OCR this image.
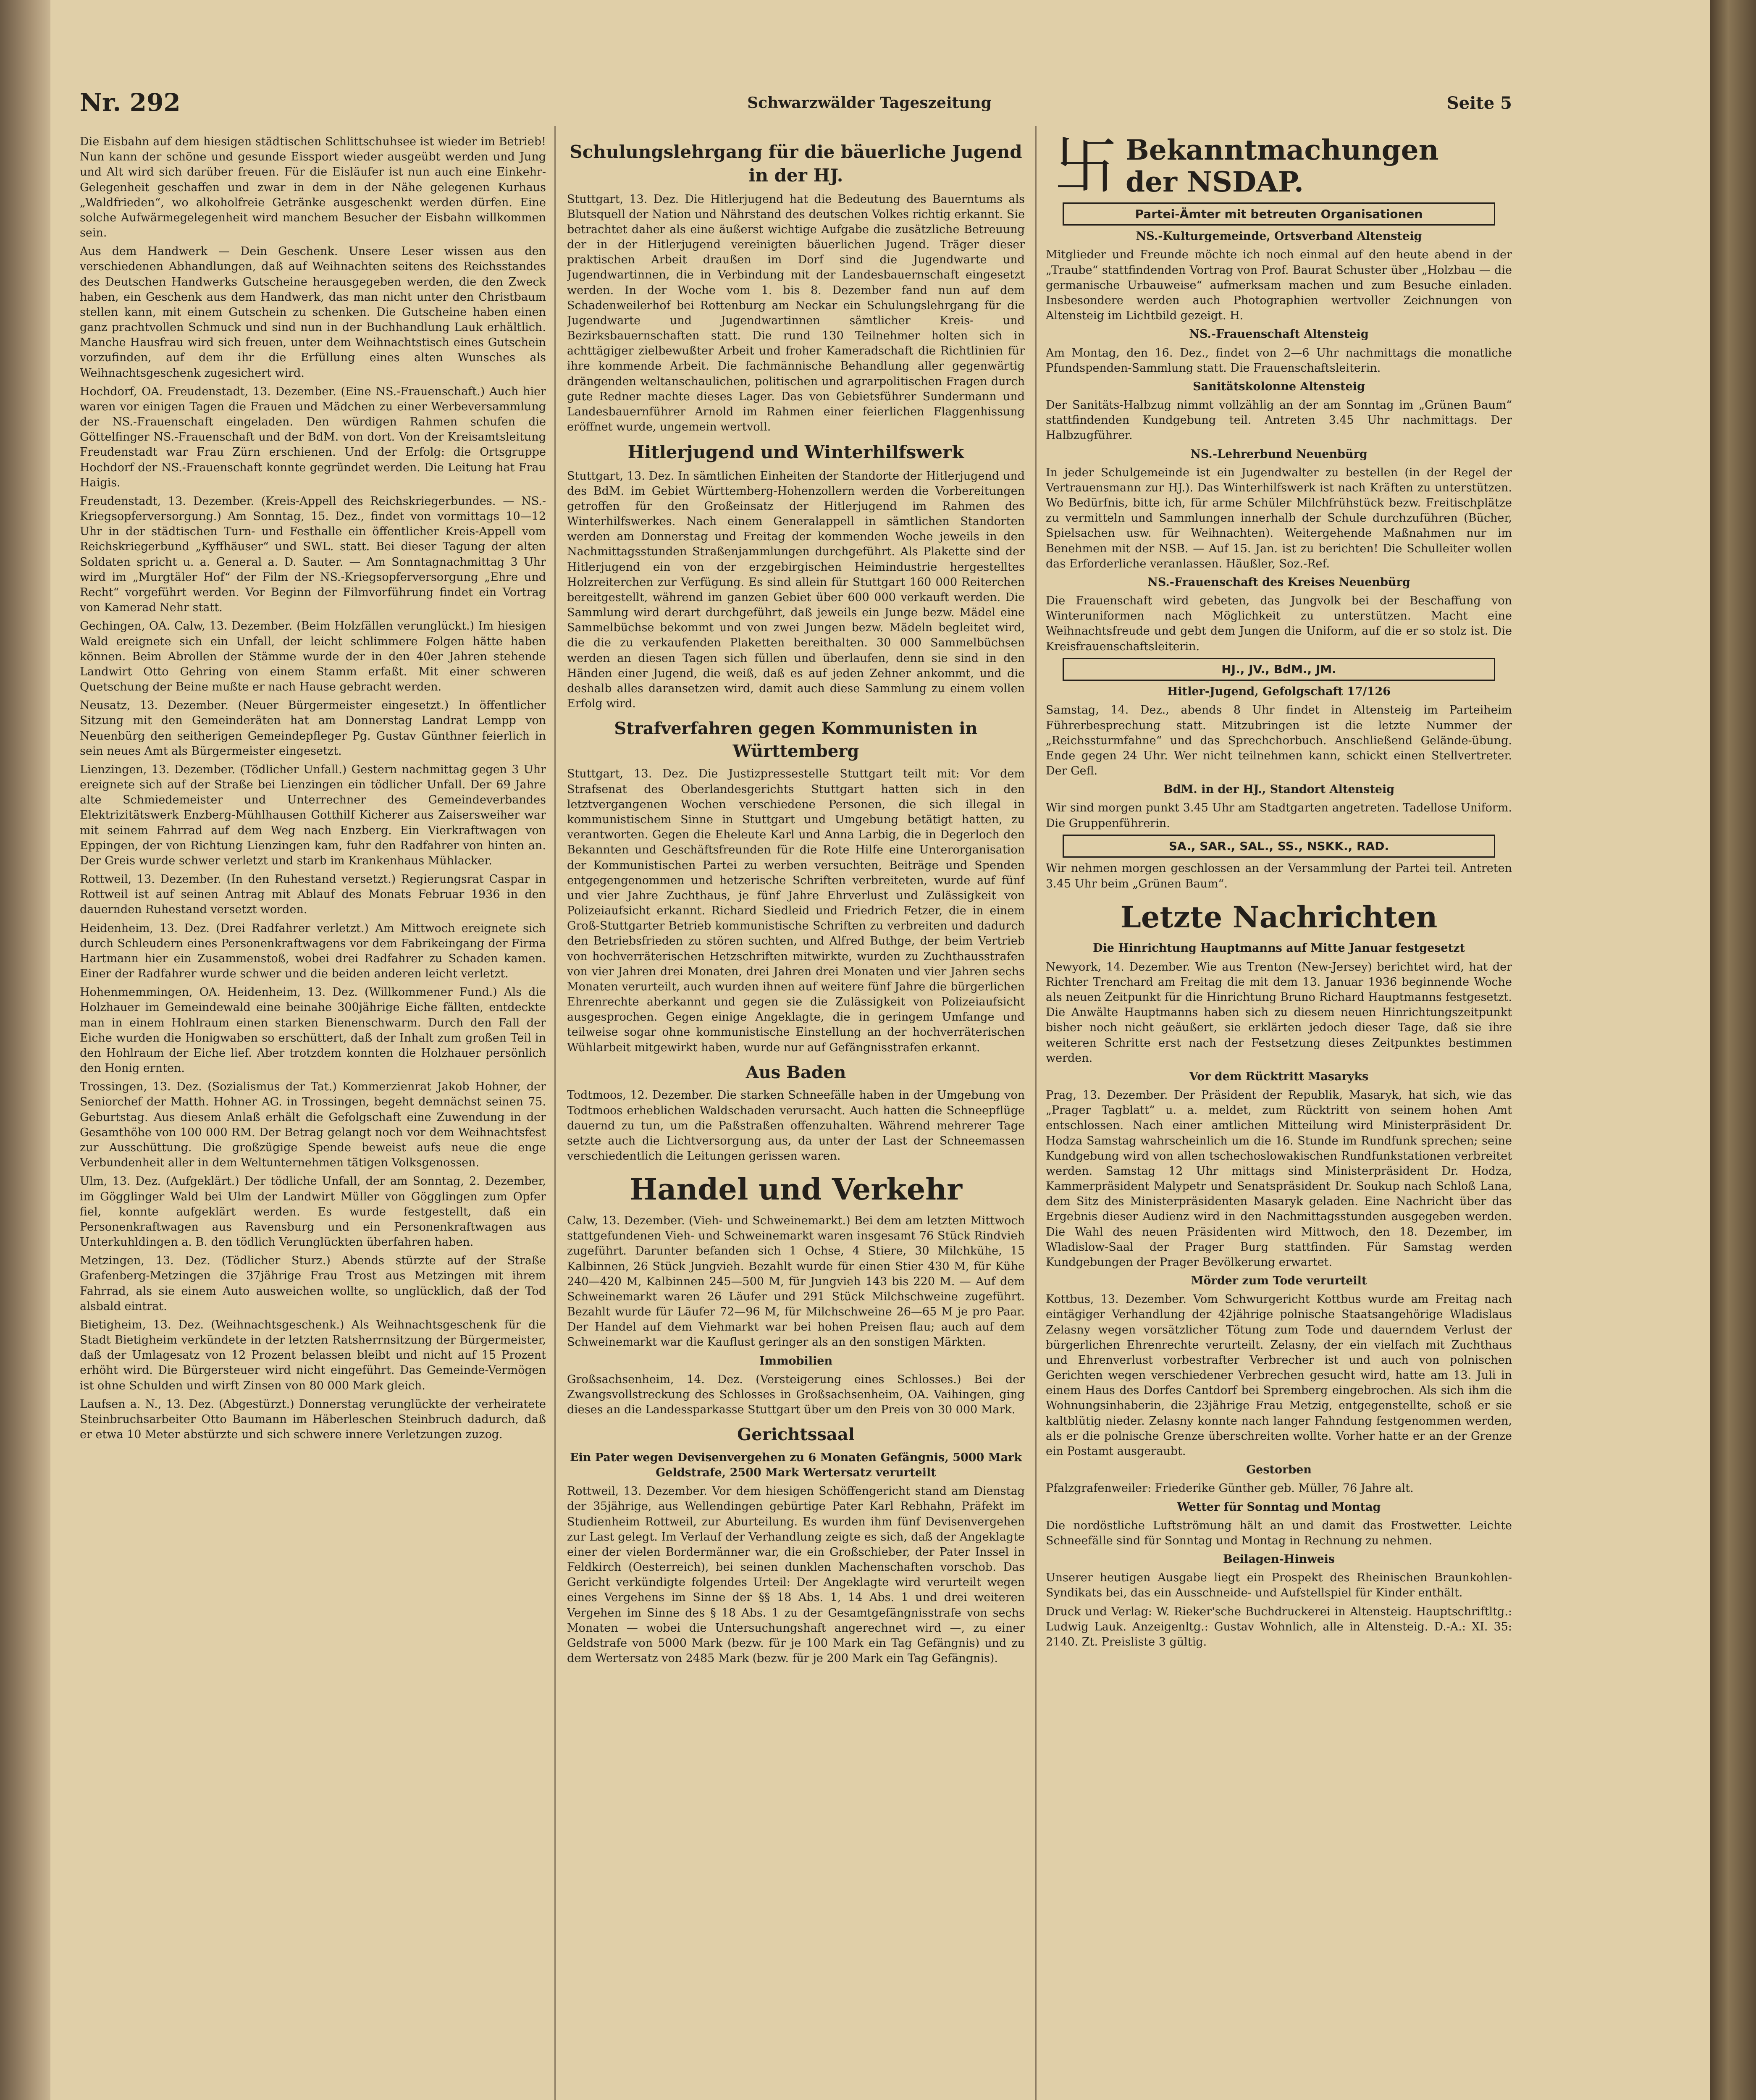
Nr. 292	Schwarzwälder Tageszeitung	Seite 5

Die Eisbahn auf dem hiesigen städtischen Schlittschuhsee ist wieder im Betrieb! Nun kann der schöne und gesunde Eissport wieder ausgeübt werden und Jung und Alt wird sich darüber freuen. Für die Eisläufer ist nun auch eine Einkehr-Gelegenheit geschaffen und zwar in dem in der Nähe gelegenen Kurhaus „Waldfrieden“, wo alkoholfreie Getränke ausgeschenkt werden dürfen. Eine solche Aufwärmegelegenheit wird manchem Besucher der Eisbahn willkommen sein.

Aus dem Handwerk — Dein Geschenk. Unsere Leser wissen aus den verschiedenen Abhandlungen, daß auf Weihnachten seitens des Reichsstandes des Deutschen Handwerks Gutscheine herausgegeben werden, die den Zweck haben, ein Geschenk aus dem Handwerk, das man nicht unter den Christbaum stellen kann, mit einem Gutschein zu schenken. Die Gutscheine haben einen ganz prachtvollen Schmuck und sind nun in der Buchhandlung Lauk erhältlich. Manche Hausfrau wird sich freuen, unter dem Weihnachtstisch eines Gutschein vorzufinden, auf dem ihr die Erfüllung eines alten Wunsches als Weihnachtsgeschenk zugesichert wird.

Hochdorf, OA. Freudenstadt, 13. Dezember. (Eine NS.-Frauenschaft.) Auch hier waren vor einigen Tagen die Frauen und Mädchen zu einer Werbeversammlung der NS.-Frauenschaft eingeladen. Den würdigen Rahmen schufen die Göttelfinger NS.-Frauenschaft und der BdM. von dort. Von der Kreisamtsleitung Freudenstadt war Frau Zürn erschienen. Und der Erfolg: die Ortsgruppe Hochdorf der NS.-Frauenschaft konnte gegründet werden. Die Leitung hat Frau Haigis.

Freudenstadt, 13. Dezember. (Kreis-Appell des Reichskriegerbundes. — NS.-Kriegsopferversorgung.) Am Sonntag, 15. Dez., findet von vormittags 10—12 Uhr in der städtischen Turn- und Festhalle ein öffentlicher Kreis-Appell vom Reichskriegerbund „Kyffhäuser“ und SWL. statt. Bei dieser Tagung der alten Soldaten spricht u. a. General a. D. Sauter. — Am Sonntagnachmittag 3 Uhr wird im „Murgtäler Hof“ der Film der NS.-Kriegsopferversorgung „Ehre und Recht“ vorgeführt werden. Vor Beginn der Filmvorführung findet ein Vortrag von Kamerad Nehr statt.

Gechingen, OA. Calw, 13. Dezember. (Beim Holzfällen verunglückt.) Im hiesigen Wald ereignete sich ein Unfall, der leicht schlimmere Folgen hätte haben können. Beim Abrollen der Stämme wurde der in den 40er Jahren stehende Landwirt Otto Gehring von einem Stamm erfaßt. Mit einer schweren Quetschung der Beine mußte er nach Hause gebracht werden.

Neusatz, 13. Dezember. (Neuer Bürgermeister eingesetzt.) In öffentlicher Sitzung mit den Gemeinderäten hat am Donnerstag Landrat Lempp von Neuenbürg den seitherigen Gemeindepfleger Pg. Gustav Günthner feierlich in sein neues Amt als Bürgermeister eingesetzt.

Lienzingen, 13. Dezember. (Tödlicher Unfall.) Gestern nachmittag gegen 3 Uhr ereignete sich auf der Straße bei Lienzingen ein tödlicher Unfall. Der 69 Jahre alte Schmiedemeister und Unterrechner des Gemeindeverbandes Elektrizitätswerk Enzberg-Mühlhausen Gotthilf Kicherer aus Zaisersweiher war mit seinem Fahrrad auf dem Weg nach Enzberg. Ein Vierkraftwagen von Eppingen, der von Richtung Lienzingen kam, fuhr den Radfahrer von hinten an. Der Greis wurde schwer verletzt und starb im Krankenhaus Mühlacker.

Rottweil, 13. Dezember. (In den Ruhestand versetzt.) Regierungsrat Caspar in Rottweil ist auf seinen Antrag mit Ablauf des Monats Februar 1936 in den dauernden Ruhestand versetzt worden.

Heidenheim, 13. Dez. (Drei Radfahrer verletzt.) Am Mittwoch ereignete sich durch Schleudern eines Personenkraftwagens vor dem Fabrikeingang der Firma Hartmann hier ein Zusammenstoß, wobei drei Radfahrer zu Schaden kamen. Einer der Radfahrer wurde schwer und die beiden anderen leicht verletzt.

Hohenmemmingen, OA. Heidenheim, 13. Dez. (Willkommener Fund.) Als die Holzhauer im Gemeindewald eine beinahe 300jährige Eiche fällten, entdeckte man in einem Hohlraum einen starken Bienenschwarm. Durch den Fall der Eiche wurden die Honigwaben so erschüttert, daß der Inhalt zum großen Teil in den Hohlraum der Eiche lief. Aber trotzdem konnten die Holzhauer persönlich den Honig ernten.

Trossingen, 13. Dez. (Sozialismus der Tat.) Kommerzienrat Jakob Hohner, der Seniorchef der Matth. Hohner AG. in Trossingen, begeht demnächst seinen 75. Geburtstag. Aus diesem Anlaß erhält die Gefolgschaft eine Zuwendung in der Gesamthöhe von 100 000 RM. Der Betrag gelangt noch vor dem Weihnachtsfest zur Ausschüttung. Die großzügige Spende beweist aufs neue die enge Verbundenheit aller in dem Weltunternehmen tätigen Volksgenossen.

Ulm, 13. Dez. (Aufgeklärt.) Der tödliche Unfall, der am Sonntag, 2. Dezember, im Gögglinger Wald bei Ulm der Landwirt Müller von Gögglingen zum Opfer fiel, konnte aufgeklärt werden. Es wurde festgestellt, daß ein Personenkraftwagen aus Ravensburg und ein Personenkraftwagen aus Unterkuhldingen a. B. den tödlich Verunglückten überfahren haben.

Metzingen, 13. Dez. (Tödlicher Sturz.) Abends stürzte auf der Straße Grafenberg-Metzingen die 37jährige Frau Trost aus Metzingen mit ihrem Fahrrad, als sie einem Auto ausweichen wollte, so unglücklich, daß der Tod alsbald eintrat.

Bietigheim, 13. Dez. (Weihnachtsgeschenk.) Als Weihnachtsgeschenk für die Stadt Bietigheim verkündete in der letzten Ratsherrnsitzung der Bürgermeister, daß der Umlagesatz von 12 Prozent belassen bleibt und nicht auf 15 Prozent erhöht wird. Die Bürgersteuer wird nicht eingeführt. Das Gemeinde-Vermögen ist ohne Schulden und wirft Zinsen von 80 000 Mark gleich.

Laufsen a. N., 13. Dez. (Abgestürzt.) Donnerstag verunglückte der verheiratete Steinbruchsarbeiter Otto Baumann im Häberleschen Steinbruch dadurch, daß er etwa 10 Meter abstürzte und sich schwere innere Verletzungen zuzog.

Schulungslehrgang für die bäuerliche Jugend in der HJ.

Stuttgart, 13. Dez. Die Hitlerjugend hat die Bedeutung des Bauerntums als Blutsquell der Nation und Nährstand des deutschen Volkes richtig erkannt. Sie betrachtet daher als eine äußerst wichtige Aufgabe die zusätzliche Betreuung der in der Hitlerjugend vereinigten bäuerlichen Jugend. Träger dieser praktischen Arbeit draußen im Dorf sind die Jugendwarte und Jugendwartinnen, die in Verbindung mit der Landesbauernschaft eingesetzt werden. In der Woche vom 1. bis 8. Dezember fand nun auf dem Schadenweilerhof bei Rottenburg am Neckar ein Schulungslehrgang für die Jugendwarte und Jugendwartinnen sämtlicher Kreis- und Bezirksbauernschaften statt. Die rund 130 Teilnehmer holten sich in achttägiger zielbewußter Arbeit und froher Kameradschaft die Richtlinien für ihre kommende Arbeit. Die fachmännische Behandlung aller gegenwärtig drängenden weltanschaulichen, politischen und agrarpolitischen Fragen durch gute Redner machte dieses Lager. Das von Gebietsführer Sundermann und Landesbauernführer Arnold im Rahmen einer feierlichen Flaggenhissung eröffnet wurde, ungemein wertvoll.

Hitlerjugend und Winterhilfswerk

Stuttgart, 13. Dez. In sämtlichen Einheiten der Standorte der Hitlerjugend und des BdM. im Gebiet Württemberg-Hohenzollern werden die Vorbereitungen getroffen für den Großeinsatz der Hitlerjugend im Rahmen des Winterhilfswerkes. Nach einem Generalappell in sämtlichen Standorten werden am Donnerstag und Freitag der kommenden Woche jeweils in den Nachmittagsstunden Straßenjammlungen durchgeführt. Als Plakette sind der Hitlerjugend ein von der erzgebirgischen Heimindustrie hergestelltes Holzreiterchen zur Verfügung. Es sind allein für Stuttgart 160 000 Reiterchen bereitgestellt, während im ganzen Gebiet über 600 000 verkauft werden. Die Sammlung wird derart durchgeführt, daß jeweils ein Junge bezw. Mädel eine Sammelbüchse bekommt und von zwei Jungen bezw. Mädeln begleitet wird, die die zu verkaufenden Plaketten bereithalten. 30 000 Sammelbüchsen werden an diesen Tagen sich füllen und überlaufen, denn sie sind in den Händen einer Jugend, die weiß, daß es auf jeden Zehner ankommt, und die deshalb alles daransetzen wird, damit auch diese Sammlung zu einem vollen Erfolg wird.

Strafverfahren gegen Kommunisten in Württemberg

Stuttgart, 13. Dez. Die Justizpressestelle Stuttgart teilt mit: Vor dem Strafsenat des Oberlandesgerichts Stuttgart hatten sich in den letztvergangenen Wochen verschiedene Personen, die sich illegal in kommunistischem Sinne in Stuttgart und Umgebung betätigt hatten, zu verantworten. Gegen die Eheleute Karl und Anna Larbig, die in Degerloch den Bekannten und Geschäftsfreunden für die Rote Hilfe eine Unterorganisation der Kommunistischen Partei zu werben versuchten, Beiträge und Spenden entgegengenommen und hetzerische Schriften verbreiteten, wurde auf fünf und vier Jahre Zuchthaus, je fünf Jahre Ehrverlust und Zulässigkeit von Polizeiaufsicht erkannt. Richard Siedleid und Friedrich Fetzer, die in einem Groß-Stuttgarter Betrieb kommunistische Schriften zu verbreiten und dadurch den Betriebsfrieden zu stören suchten, und Alfred Buthge, der beim Vertrieb von hochverräterischen Hetzschriften mitwirkte, wurden zu Zuchthausstrafen von vier Jahren drei Monaten, drei Jahren drei Monaten und vier Jahren sechs Monaten verurteilt, auch wurden ihnen auf weitere fünf Jahre die bürgerlichen Ehrenrechte aberkannt und gegen sie die Zulässigkeit von Polizeiaufsicht ausgesprochen. Gegen einige Angeklagte, die in geringem Umfange und teilweise sogar ohne kommunistische Einstellung an der hochverräterischen Wühlarbeit mitgewirkt haben, wurde nur auf Gefängnisstrafen erkannt.

Aus Baden

Todtmoos, 12. Dezember. Die starken Schneefälle haben in der Umgebung von Todtmoos erheblichen Waldschaden verursacht. Auch hatten die Schneepflüge dauernd zu tun, um die Paßstraßen offenzuhalten. Während mehrerer Tage setzte auch die Lichtversorgung aus, da unter der Last der Schneemassen verschiedentlich die Leitungen gerissen waren.

Handel und Verkehr

Calw, 13. Dezember. (Vieh- und Schweinemarkt.) Bei dem am letzten Mittwoch stattgefundenen Vieh- und Schweinemarkt waren insgesamt 76 Stück Rindvieh zugeführt. Darunter befanden sich 1 Ochse, 4 Stiere, 30 Milchkühe, 15 Kalbinnen, 26 Stück Jungvieh. Bezahlt wurde für einen Stier 430 M, für Kühe 240—420 M, Kalbinnen 245—500 M, für Jungvieh 143 bis 220 M. — Auf dem Schweinemarkt waren 26 Läufer und 291 Stück Milchschweine zugeführt. Bezahlt wurde für Läufer 72—96 M, für Milchschweine 26—65 M je pro Paar. Der Handel auf dem Viehmarkt war bei hohen Preisen flau; auch auf dem Schweinemarkt war die Kauflust geringer als an den sonstigen Märkten.

Immobilien

Großsachsenheim, 14. Dez. (Versteigerung eines Schlosses.) Bei der Zwangsvollstreckung des Schlosses in Großsachsenheim, OA. Vaihingen, ging dieses an die Landessparkasse Stuttgart über um den Preis von 30 000 Mark.

Gerichtssaal

Ein Pater wegen Devisenvergehen zu 6 Monaten Gefängnis, 5000 Mark Geldstrafe, 2500 Mark Wertersatz verurteilt

Rottweil, 13. Dezember. Vor dem hiesigen Schöffengericht stand am Dienstag der 35jährige, aus Wellendingen gebürtige Pater Karl Rebhahn, Präfekt im Studienheim Rottweil, zur Aburteilung. Es wurden ihm fünf Devisenvergehen zur Last gelegt. Im Verlauf der Verhandlung zeigte es sich, daß der Angeklagte einer der vielen Bordermänner war, die ein Großschieber, der Pater Inssel in Feldkirch (Oesterreich), bei seinen dunklen Machenschaften vorschob. Das Gericht verkündigte folgendes Urteil: Der Angeklagte wird verurteilt wegen eines Vergehens im Sinne der §§ 18 Abs. 1, 14 Abs. 1 und drei weiteren Vergehen im Sinne des § 18 Abs. 1 zu der Gesamtgefängnisstrafe von sechs Monaten — wobei die Untersuchungshaft angerechnet wird —, zu einer Geldstrafe von 5000 Mark (bezw. für je 100 Mark ein Tag Gefängnis) und zu dem Wertersatz von 2485 Mark (bezw. für je 200 Mark ein Tag Gefängnis).

卐 Bekanntmachungen
der NSDAP.
Partei-Ämter mit betreuten Organisationen

NS.-Kulturgemeinde, Ortsverband Altensteig

Mitglieder und Freunde möchte ich noch einmal auf den heute abend in der „Traube“ stattfindenden Vortrag von Prof. Baurat Schuster über „Holzbau — die germanische Urbauweise“ aufmerksam machen und zum Besuche einladen. Insbesondere werden auch Photographien wertvoller Zeichnungen von Altensteig im Lichtbild gezeigt. H.

NS.-Frauenschaft Altensteig

Am Montag, den 16. Dez., findet von 2—6 Uhr nachmittags die monatliche Pfundspenden-Sammlung statt. Die Frauenschaftsleiterin.

Sanitätskolonne Altensteig

Der Sanitäts-Halbzug nimmt vollzählig an der am Sonntag im „Grünen Baum“ stattfindenden Kundgebung teil. Antreten 3.45 Uhr nachmittags. Der Halbzugführer.

NS.-Lehrerbund Neuenbürg

In jeder Schulgemeinde ist ein Jugendwalter zu bestellen (in der Regel der Vertrauensmann zur HJ.). Das Winterhilfswerk ist nach Kräften zu unterstützen. Wo Bedürfnis, bitte ich, für arme Schüler Milchfrühstück bezw. Freitischplätze zu vermitteln und Sammlungen innerhalb der Schule durchzuführen (Bücher, Spielsachen usw. für Weihnachten). Weitergehende Maßnahmen nur im Benehmen mit der NSB. — Auf 15. Jan. ist zu berichten! Die Schulleiter wollen das Erforderliche veranlassen. Häußler, Soz.-Ref.

NS.-Frauenschaft des Kreises Neuenbürg

Die Frauenschaft wird gebeten, das Jungvolk bei der Beschaffung von Winteruniformen nach Möglichkeit zu unterstützen. Macht eine Weihnachtsfreude und gebt dem Jungen die Uniform, auf die er so stolz ist. Die Kreisfrauenschaftsleiterin.

HJ., JV., BdM., JM.

Hitler-Jugend, Gefolgschaft 17/126

Samstag, 14. Dez., abends 8 Uhr findet in Altensteig im Parteiheim Führerbesprechung statt. Mitzubringen ist die letzte Nummer der „Reichssturmfahne“ und das Sprechchorbuch. Anschließend Gelände-übung. Ende gegen 24 Uhr. Wer nicht teilnehmen kann, schickt einen Stellvertreter. Der Gefl.

BdM. in der HJ., Standort Altensteig

Wir sind morgen punkt 3.45 Uhr am Stadtgarten angetreten. Tadellose Uniform. Die Gruppenführerin.

SA., SAR., SAL., SS., NSKK., RAD.

Wir nehmen morgen geschlossen an der Versammlung der Partei teil. Antreten 3.45 Uhr beim „Grünen Baum“.

Letzte Nachrichten

Die Hinrichtung Hauptmanns auf Mitte Januar festgesetzt

Newyork, 14. Dezember. Wie aus Trenton (New-Jersey) berichtet wird, hat der Richter Trenchard am Freitag die mit dem 13. Januar 1936 beginnende Woche als neuen Zeitpunkt für die Hinrichtung Bruno Richard Hauptmanns festgesetzt. Die Anwälte Hauptmanns haben sich zu diesem neuen Hinrichtungszeitpunkt bisher noch nicht geäußert, sie erklärten jedoch dieser Tage, daß sie ihre weiteren Schritte erst nach der Festsetzung dieses Zeitpunktes bestimmen werden.

Vor dem Rücktritt Masaryks

Prag, 13. Dezember. Der Präsident der Republik, Masaryk, hat sich, wie das „Prager Tagblatt“ u. a. meldet, zum Rücktritt von seinem hohen Amt entschlossen. Nach einer amtlichen Mitteilung wird Ministerpräsident Dr. Hodza Samstag wahrscheinlich um die 16. Stunde im Rundfunk sprechen; seine Kundgebung wird von allen tschechoslowakischen Rundfunkstationen verbreitet werden. Samstag 12 Uhr mittags sind Ministerpräsident Dr. Hodza, Kammerpräsident Malypetr und Senatspräsident Dr. Soukup nach Schloß Lana, dem Sitz des Ministerpräsidenten Masaryk geladen. Eine Nachricht über das Ergebnis dieser Audienz wird in den Nachmittagsstunden ausgegeben werden. Die Wahl des neuen Präsidenten wird Mittwoch, den 18. Dezember, im Wladislow-Saal der Prager Burg stattfinden. Für Samstag werden Kundgebungen der Prager Bevölkerung erwartet.

Mörder zum Tode verurteilt

Kottbus, 13. Dezember. Vom Schwurgericht Kottbus wurde am Freitag nach eintägiger Verhandlung der 42jährige polnische Staatsangehörige Wladislaus Zelasny wegen vorsätzlicher Tötung zum Tode und dauerndem Verlust der bürgerlichen Ehrenrechte verurteilt. Zelasny, der ein vielfach mit Zuchthaus und Ehrenverlust vorbestrafter Verbrecher ist und auch von polnischen Gerichten wegen verschiedener Verbrechen gesucht wird, hatte am 13. Juli in einem Haus des Dorfes Cantdorf bei Spremberg eingebrochen. Als sich ihm die Wohnungsinhaberin, die 23jährige Frau Metzig, entgegenstellte, schoß er sie kaltblütig nieder. Zelasny konnte nach langer Fahndung festgenommen werden, als er die polnische Grenze überschreiten wollte. Vorher hatte er an der Grenze ein Postamt ausgeraubt.

Gestorben

Pfalzgrafenweiler: Friederike Günther geb. Müller, 76 Jahre alt.

Wetter für Sonntag und Montag

Die nordöstliche Luftströmung hält an und damit das Frostwetter. Leichte Schneefälle sind für Sonntag und Montag in Rechnung zu nehmen.

Beilagen-Hinweis

Unserer heutigen Ausgabe liegt ein Prospekt des Rheinischen Braunkohlen-Syndikats bei, das ein Ausschneide- und Aufstellspiel für Kinder enthält.

Druck und Verlag: W. Rieker'sche Buchdruckerei in Altensteig. Hauptschriftltg.: Ludwig Lauk. Anzeigenltg.: Gustav Wohnlich, alle in Altensteig. D.-A.: XI. 35: 2140. Zt. Preisliste 3 gültig.
